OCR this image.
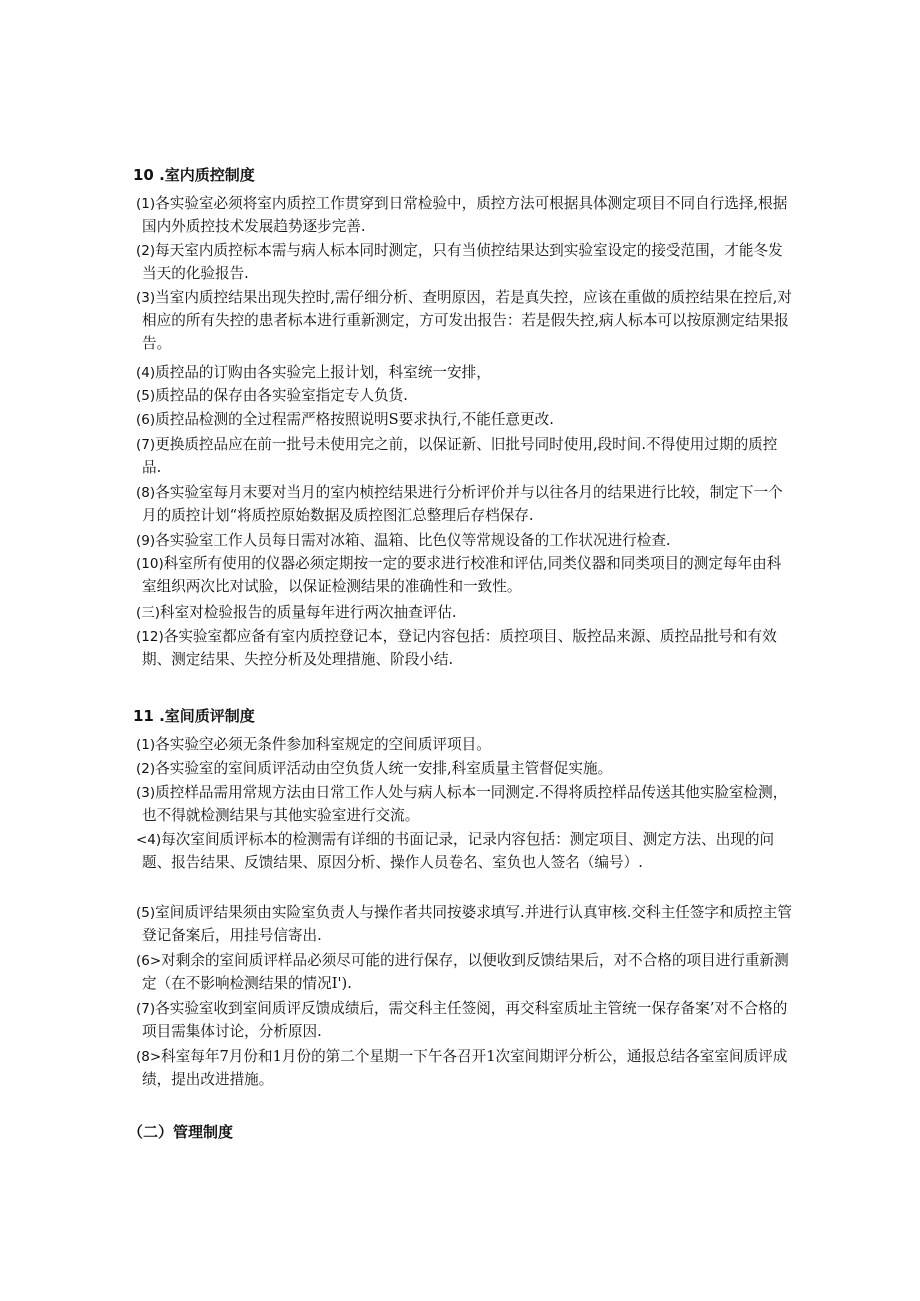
10 .室内质控制度
(1)各实验室必须将室内质控工作贯穿到日常检验中，质控方法可根据具体测定项目不同自行选择,根据国内外质控技术发展趋势逐步完善.
(2)每天室内质控标本需与病人标本同时测定，只有当侦控结果达到实验室设定的接受范围，才能冬发当天的化验报告.
(3)当室内质控结果出现失控时,需仔细分析、查明原因，若是真失控，应该在重做的质控结果在控后,对相应的所有失控的患者标本进行重新测定，方可发出报告：若是假失控,病人标本可以按原测定结果报告。
(4)质控品的订购由各实验完上报计划，科室统一安排，
(5)质控品的保存由各实验室指定专人负货.
(6)质控品检测的全过程需严格按照说明S要求执行,不能任意更改.
(7)更换质控品应在前一批号未使用完之前，以保证新、旧批号同时使用,段时间.不得使用过期的质控品.
(8)各实验室每月末要对当月的室内桢控结果进行分析评价并与以往各月的结果进行比较，制定下一个月的质控计划“将质控原始数据及质控图汇总整理后存档保存.
(9)各实验室工作人员每日需对冰箱、温箱、比色仪等常规设备的工作状况进行检查.
(10)科室所有使用的仪器必须定期按一定的要求进行校准和评估,同类仪器和同类项目的测定每年由科室组织两次比对试脸，以保证检测结果的准确性和一致性。
(三)科室对检验报告的质量每年进行两次抽查评估.
(12)各实验室都应备有室内质控登记本，登记内容包括：质控项目、版控品来源、质控品批号和有效期、测定结果、失控分析及处理措施、阶段小结.
11 .室间质评制度
(1)各实验空必须无条件参加科室规定的空间质评项目。
(2)各实验室的室间质评活动由空负货人统一安排,科室质量主管督促实施。
(3)质控样品需用常规方法由日常工作人处与病人标本一同测定.不得将质控样品传送其他实脸室检测，也不得就检测结果与其他实验室进行交流。
<4)每次室间质评标本的检测需有详细的书面记录，记录内容包括：测定项目、测定方法、出现的问题、报告结果、反馈结果、原因分析、操作人员卷名、室负也人签名（编号）.
(5)室间质评结果须由实险室负责人与操作者共同按婆求填写.并进行认真审核.交科主任签字和质控主管登记备案后，用挂号信寄出.
(6>对剩余的室间质评样品必须尽可能的进行保存，以便收到反馈结果后，对不合格的项目进行重新测定（在不影响检测结果的情况I').
(7)各实验室收到室间质评反馈成绩后，需交科主任签阅，再交科室质址主管统一保存备案’对不合格的项目需集体讨论，分析原因.
(8>科室每年7月份和1月份的第二个星期一下午各召开1次室间期评分析公，通报总结各室室间质评成绩，提出改进措施。
（二）管理制度
